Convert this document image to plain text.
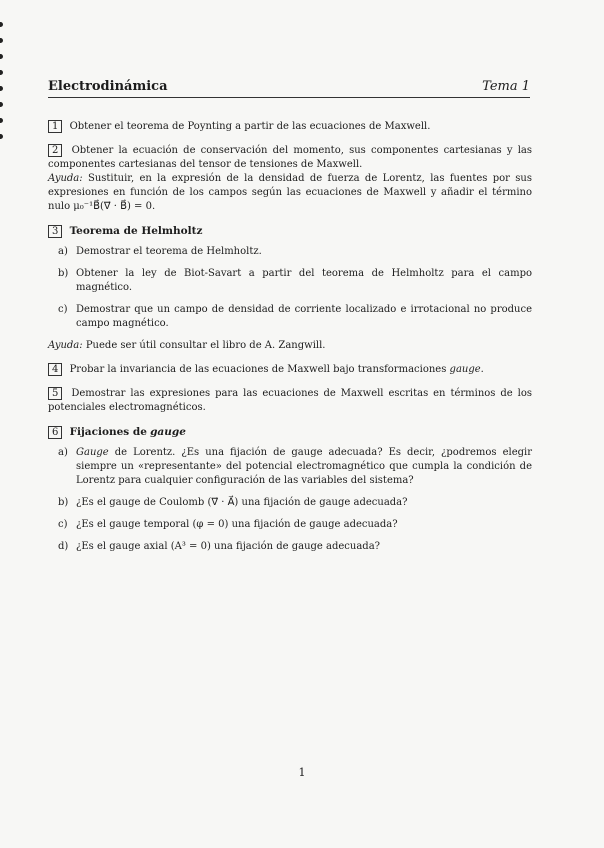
Electrodinámica	Tema 1

1 Obtener el teorema de Poynting a partir de las ecuaciones de Maxwell.

2 Obtener la ecuación de conservación del momento, sus componentes cartesianas y las componentes cartesianas del tensor de tensiones de Maxwell.
Ayuda: Sustituir, en la expresión de la densidad de fuerza de Lorentz, las fuentes por sus expresiones en función de los campos según las ecuaciones de Maxwell y añadir el término nulo μ₀⁻¹B⃗(∇⃗ · B⃗) = 0.

3 Teorema de Helmholtz
a) Demostrar el teorema de Helmholtz.
b) Obtener la ley de Biot-Savart a partir del teorema de Helmholtz para el campo magnético.
c) Demostrar que un campo de densidad de corriente localizado e irrotacional no produce campo magnético.
Ayuda: Puede ser útil consultar el libro de A. Zangwill.

4 Probar la invariancia de las ecuaciones de Maxwell bajo transformaciones gauge.

5 Demostrar las expresiones para las ecuaciones de Maxwell escritas en términos de los potenciales electromagnéticos.

6 Fijaciones de gauge
a) Gauge de Lorentz. ¿Es una fijación de gauge adecuada? Es decir, ¿podremos elegir siempre un «representante» del potencial electromagnético que cumpla la condición de Lorentz para cualquier configuración de las variables del sistema?
b) ¿Es el gauge de Coulomb (∇⃗ · A⃗) una fijación de gauge adecuada?
c) ¿Es el gauge temporal (φ = 0) una fijación de gauge adecuada?
d) ¿Es el gauge axial (A³ = 0) una fijación de gauge adecuada?
1
